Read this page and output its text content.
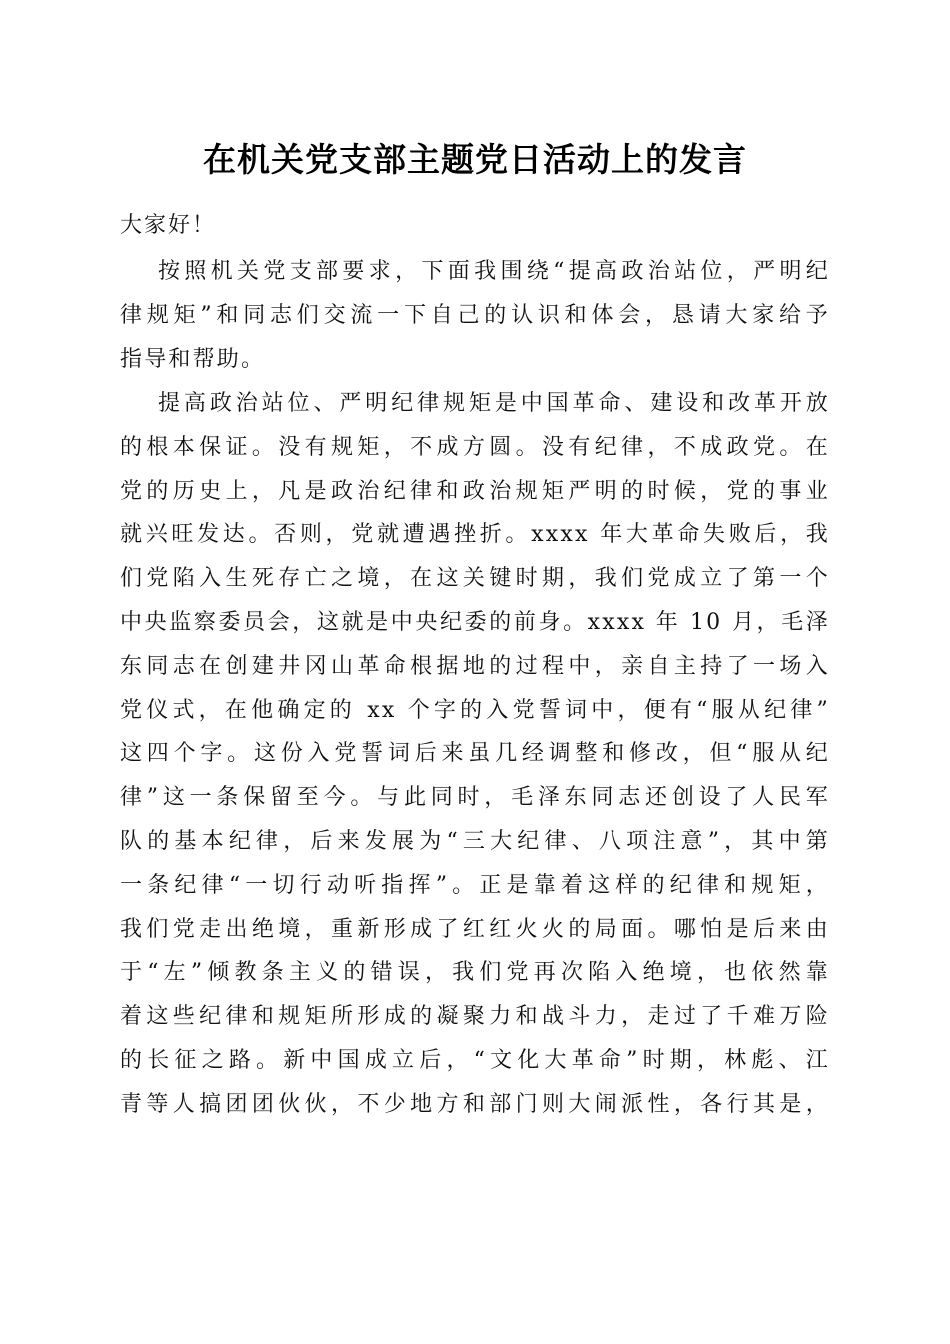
在机关党支部主题党日活动上的发言
大家好！
按照机关党支部要求，下面我围绕“提高政治站位，严明纪
律规矩”和同志们交流一下自己的认识和体会，恳请大家给予
指导和帮助。
提高政治站位、严明纪律规矩是中国革命、建设和改革开放
的根本保证。没有规矩，不成方圆。没有纪律，不成政党。在
党的历史上，凡是政治纪律和政治规矩严明的时候，党的事业
就兴旺发达。否则，党就遭遇挫折。xxxx 年大革命失败后，我
们党陷入生死存亡之境，在这关键时期，我们党成立了第一个
中央监察委员会，这就是中央纪委的前身。xxxx 年 10 月，毛泽
东同志在创建井冈山革命根据地的过程中，亲自主持了一场入
党仪式，在他确定的 xx 个字的入党誓词中，便有“服从纪律”
这四个字。这份入党誓词后来虽几经调整和修改，但“服从纪
律”这一条保留至今。与此同时，毛泽东同志还创设了人民军
队的基本纪律，后来发展为“三大纪律、八项注意”，其中第
一条纪律“一切行动听指挥”。正是靠着这样的纪律和规矩，
我们党走出绝境，重新形成了红红火火的局面。哪怕是后来由
于“左”倾教条主义的错误，我们党再次陷入绝境，也依然靠
着这些纪律和规矩所形成的凝聚力和战斗力，走过了千难万险
的长征之路。新中国成立后，“文化大革命”时期，林彪、江
青等人搞团团伙伙，不少地方和部门则大闹派性，各行其是，
